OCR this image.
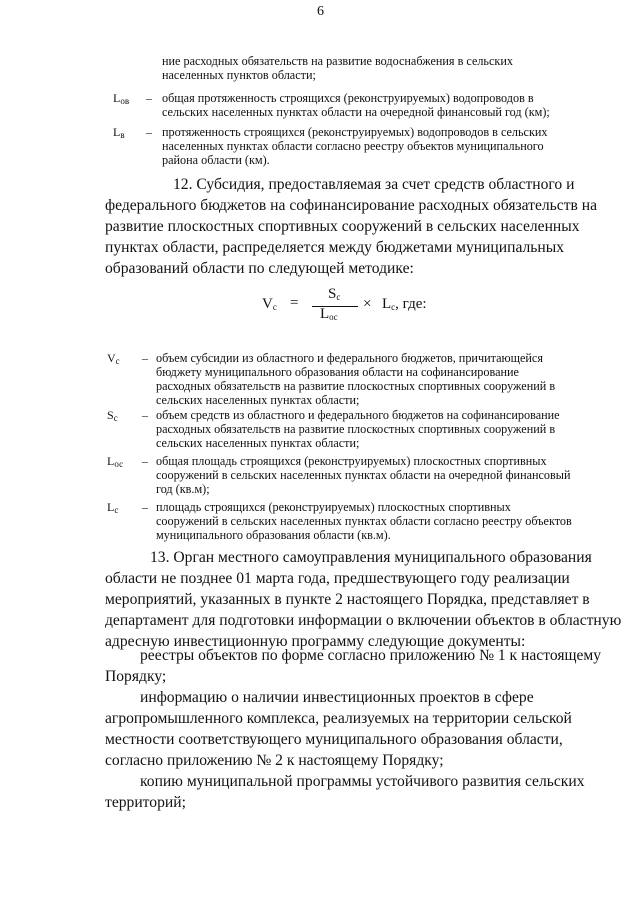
6
ние расходных обязательств на развитие водоснабжения в сельских
населенных пунктов области;
$L_{ов}$ – общая протяженность строящихся (реконструируемых) водопроводов в
сельских населенных пунктах области на очередной финансовый год (км);
$L_в$ – протяженность строящихся (реконструируемых) водопроводов в сельских
населенных пунктах области согласно реестру объектов муниципального
района области (км).
12. Субсидия, предоставляемая за счет средств областного и
федерального бюджетов на софинансирование расходных обязательств на
развитие плоскостных спортивных сооружений в сельских населенных
пунктах области, распределяется между бюджетами муниципальных
образований области по следующей методике:
$V_c$ =
$S_c$
$L_{oc}$
× $L_c$, где:
$V_c$ – объем субсидии из областного и федерального бюджетов, причитающейся
бюджету муниципального образования области на софинансирование
расходных обязательств на развитие плоскостных спортивных сооружений в
сельских населенных пунктах области;
$S_c$ – объем средств из областного и федерального бюджетов на софинансирование
расходных обязательств на развитие плоскостных спортивных сооружений в
сельских населенных пунктах области;
$L_{ос}$ – общая площадь строящихся (реконструируемых) плоскостных спортивных
сооружений в сельских населенных пунктах области на очередной финансовый
год (кв.м);
$L_c$ – площадь строящихся (реконструируемых) плоскостных спортивных
сооружений в сельских населенных пунктах области согласно реестру объектов
муниципального образования области (кв.м).
13. Орган местного самоуправления муниципального образования
области не позднее 01 марта года, предшествующего году реализации
мероприятий, указанных в пункте 2 настоящего Порядка, представляет в
департамент для подготовки информации о включении объектов в областную
адресную инвестиционную программу следующие документы:
реестры объектов по форме согласно приложению № 1 к настоящему
Порядку;
информацию о наличии инвестиционных проектов в сфере
агропромышленного комплекса, реализуемых на территории сельской
местности соответствующего муниципального образования области,
согласно приложению № 2 к настоящему Порядку;
копию муниципальной программы устойчивого развития сельских
территорий;
